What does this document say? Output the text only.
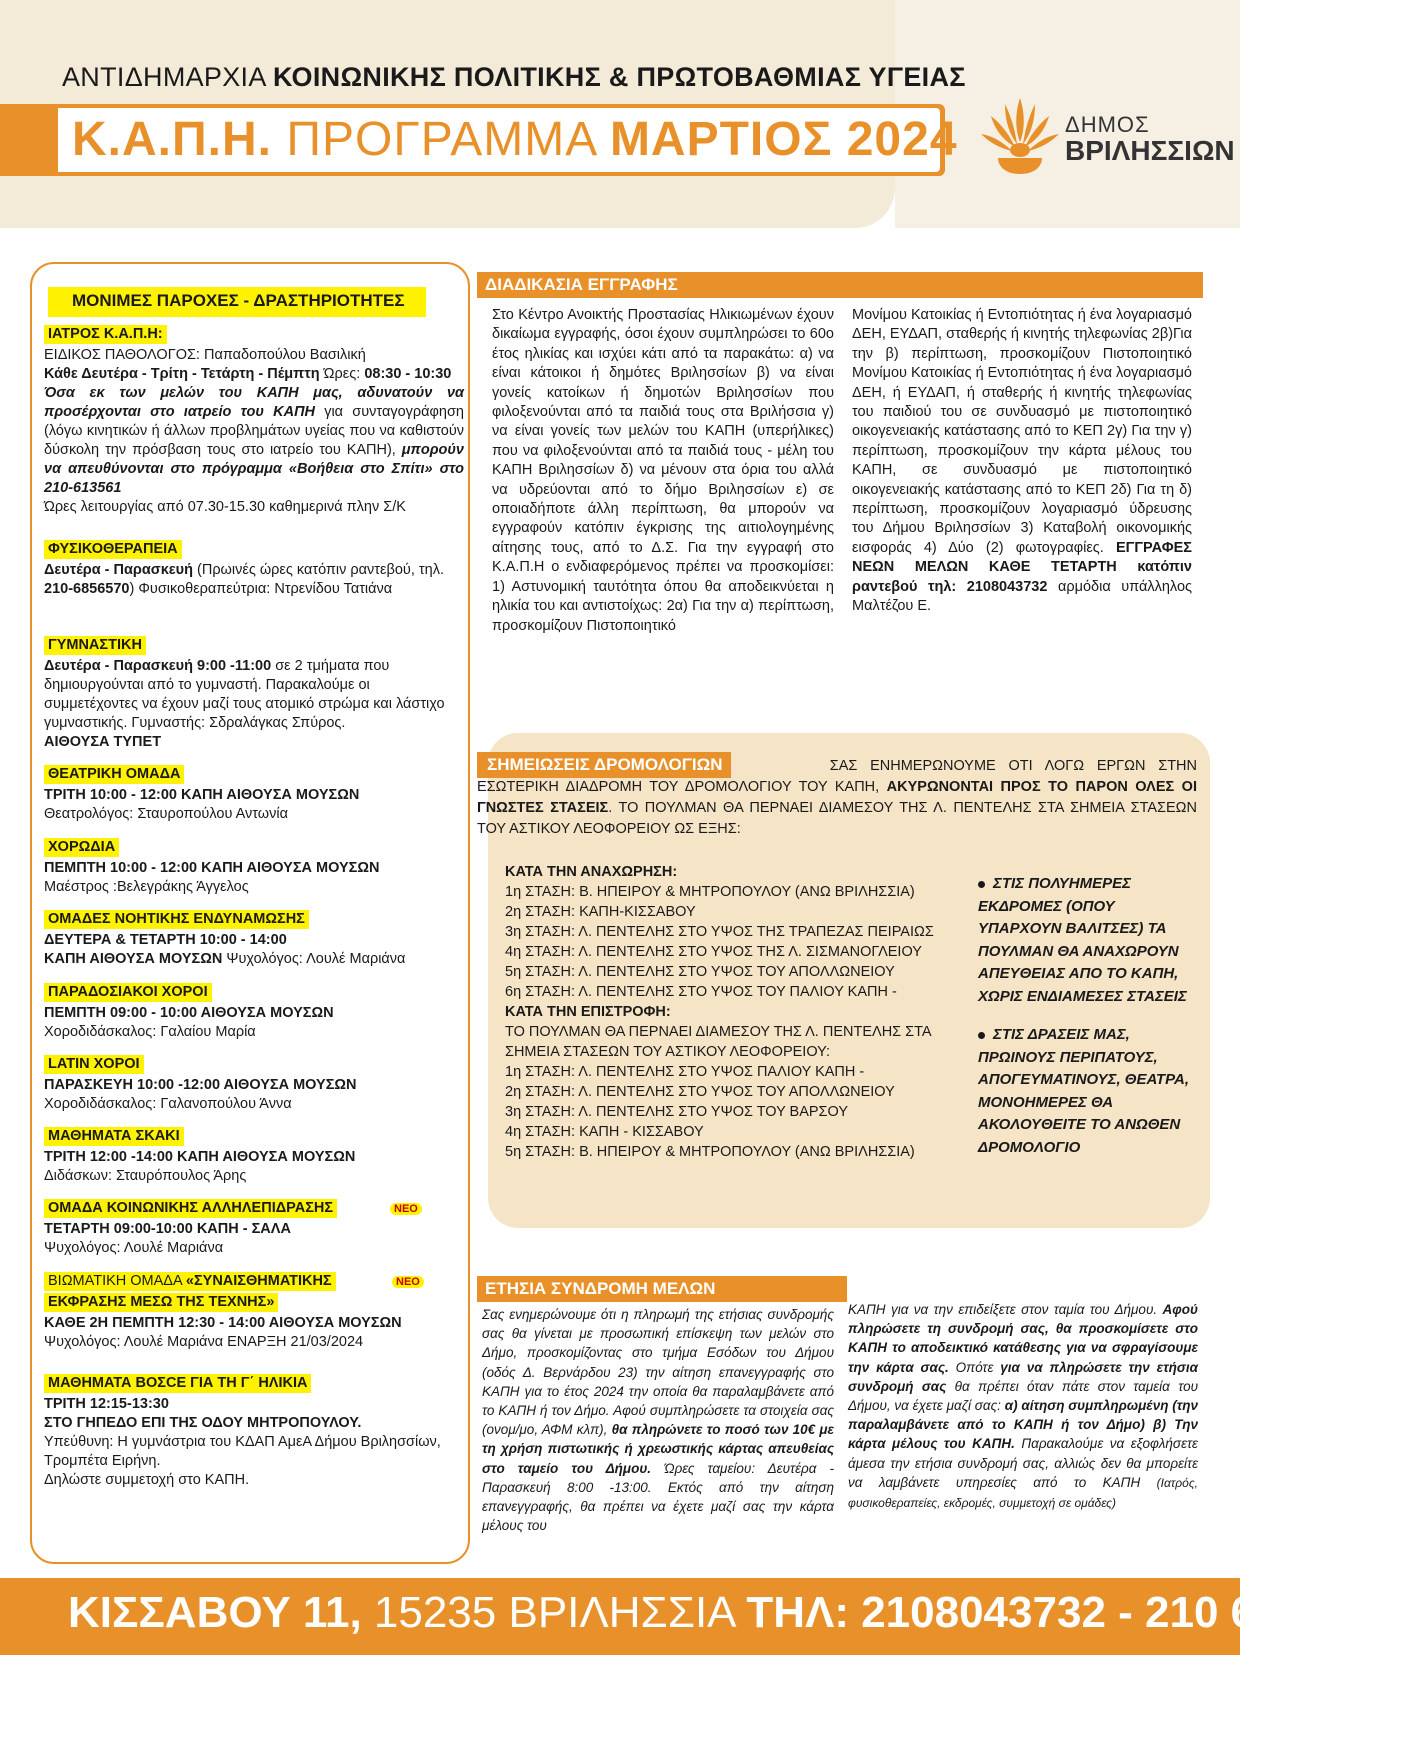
ΑΝΤΙΔΗΜΑΡΧΙΑ ΚΟΙΝΩΝΙΚΗΣ ΠΟΛΙΤΙΚΗΣ & ΠΡΩΤΟΒΑΘΜΙΑΣ ΥΓΕΙΑΣ
Κ.Α.Π.Η. ΠΡΟΓΡΑΜΜΑ ΜΑΡΤΙΟΣ 2024	ΔΗΜΟΣ
ΒΡΙΛΗΣΣΙΩΝ
ΜΟΝΙΜΕΣ ΠΑΡΟΧΕΣ - ΔΡΑΣΤΗΡΙΟΤΗΤΕΣ
ΙΑΤΡΟΣ Κ.Α.Π.Η:

ΕΙΔΙΚΟΣ ΠΑΘΟΛΟΓΟΣ: Παπαδοπούλου Βασιλική

Κάθε Δευτέρα - Τρίτη - Τετάρτη - Πέμπτη Ώρες: 08:30 - 10:30

Όσα εκ των μελών του ΚΑΠΗ μας, αδυνατούν να προσέρχονται στο ιατρείο του ΚΑΠΗ για συνταγογράφηση (λόγω κινητικών ή άλλων προβλημάτων υγείας που να καθιστούν δύσκολη την πρόσβαση τους στο ιατρείο του ΚΑΠΗ), μπορούν να απευθύνονται στο πρόγραμμα «Βοήθεια στο Σπίτι» στο 210-613561

Ώρες λειτουργίας από 07.30-15.30 καθημερινά πλην Σ/Κ

ΦΥΣΙΚΟΘΕΡΑΠΕΙΑ

Δευτέρα - Παρασκευή (Πρωινές ώρες κατόπιν ραντεβού, τηλ. 210-6856570) Φυσικοθεραπεύτρια: Ντρενίδου Τατιάνα

ΓΥΜΝΑΣΤΙΚΗ

Δευτέρα - Παρασκευή 9:00 -11:00 σε 2 τμήματα που δημιουργούνται από το γυμναστή. Παρακαλούμε οι συμμετέχοντες να έχουν μαζί τους ατομικό στρώμα και λάστιχο γυμναστικής. Γυμναστής: Σδραλάγκας Σπύρος.

ΑΙΘΟΥΣΑ ΤΥΠΕΤ

ΘΕΑΤΡΙΚΗ ΟΜΑΔΑ

ΤΡΙΤΗ 10:00 - 12:00 ΚΑΠΗ ΑΙΘΟΥΣΑ ΜΟΥΣΩΝ

Θεατρολόγος: Σταυροπούλου Αντωνία

ΧΟΡΩΔΙΑ

ΠΕΜΠΤΗ 10:00 - 12:00 ΚΑΠΗ ΑΙΘΟΥΣΑ ΜΟΥΣΩΝ

Μαέστρος :Βελεγράκης Άγγελος

ΟΜΑΔΕΣ ΝΟΗΤΙΚΗΣ ΕΝΔΥΝΑΜΩΣΗΣ

ΔΕΥΤΕΡΑ & ΤΕΤΑΡΤΗ 10:00 - 14:00

ΚΑΠΗ ΑΙΘΟΥΣΑ ΜΟΥΣΩΝ Ψυχολόγος: Λουλέ Μαριάνα

ΠΑΡΑΔΟΣΙΑΚΟΙ ΧΟΡΟΙ

ΠΕΜΠΤΗ 09:00 - 10:00 ΑΙΘΟΥΣΑ ΜΟΥΣΩΝ

Χοροδιδάσκαλος: Γαλαίου Μαρία

LATIN ΧΟΡΟΙ

ΠΑΡΑΣΚΕΥΗ 10:00 -12:00 ΑΙΘΟΥΣΑ ΜΟΥΣΩΝ

Χοροδιδάσκαλος: Γαλανοπούλου Άννα

ΜΑΘΗΜΑΤΑ ΣΚΑΚΙ

ΤΡΙΤΗ 12:00 -14:00 ΚΑΠΗ ΑΙΘΟΥΣΑ ΜΟΥΣΩΝ

Διδάσκων: Σταυρόπουλος Άρης

ΟΜΑΔΑ ΚΟΙΝΩΝΙΚΗΣ ΑΛΛΗΛΕΠΙΔΡΑΣΗΣ

ΤΕΤΑΡΤΗ 09:00-10:00 ΚΑΠΗ - ΣΑΛΑ

Ψυχολόγος: Λουλέ Μαριάνα

ΝΕΟ
ΒΙΩΜΑΤΙΚΗ ΟΜΑΔΑ «ΣΥΝΑΙΣΘΗΜΑΤΙΚΗΣ
ΕΚΦΡΑΣΗΣ ΜΕΣΩ ΤΗΣ ΤΕΧΝΗΣ»

ΚΑΘΕ 2Η ΠΕΜΠΤΗ 12:30 - 14:00 ΑΙΘΟΥΣΑ ΜΟΥΣΩΝ

Ψυχολόγος: Λουλέ Μαριάνα ΕΝΑΡΞΗ 21/03/2024

ΝΕΟ
ΜΑΘΗΜΑΤΑ ΒΟΣCΕ ΓΙΑ ΤΗ Γ΄ ΗΛΙΚΙΑ

ΤΡΙΤΗ 12:15-13:30

ΣΤΟ ΓΗΠΕΔΟ ΕΠΙ ΤΗΣ ΟΔΟΥ ΜΗΤΡΟΠΟΥΛΟΥ.

Υπεύθυνη: Η γυμνάστρια του ΚΔΑΠ ΑμεΑ Δήμου Βριλησσίων, Τρομπέτα Ειρήνη.

Δηλώστε συμμετοχή στο ΚΑΠΗ.

ΔΙΑΔΙΚΑΣΙΑ ΕΓΓΡΑΦΗΣ
Στο Κέντρο Ανοικτής Προστασίας Ηλικιωμένων έχουν δικαίωμα εγγραφής, όσοι έχουν συμπληρώσει το 60ο έτος ηλικίας και ισχύει κάτι από τα παρακάτω: α) να είναι κάτοικοι ή δημότες Βριλησσίων β) να είναι γονείς κατοίκων ή δημοτών Βριλησσίων που φιλοξενούνται από τα παιδιά τους στα Βριλήσσια γ) να είναι γονείς των μελών του ΚΑΠΗ (υπερήλικες) που να φιλοξενούνται από τα παιδιά τους - μέλη του ΚΑΠΗ Βριλησσίων δ) να μένουν στα όρια του αλλά να υδρεύονται από το δήμο Βριλησσίων ε) σε οποιαδήποτε άλλη περίπτωση, θα μπορούν να εγγραφούν κατόπιν έγκρισης της αιτιολογημένης αίτησης τους, από το Δ.Σ. Για την εγγραφή στο Κ.Α.Π.Η ο ενδιαφερόμενος πρέπει να προσκομίσει: 1) Αστυνομική ταυτότητα όπου θα αποδεικνύεται η ηλικία του και αντιστοίχως: 2α) Για την α) περίπτωση, προσκομίζουν Πιστοποιητικό
Μονίμου Κατοικίας ή Εντοπιότητας ή ένα λογαριασμό ΔΕΗ, ΕΥΔΑΠ, σταθερής ή κινητής τηλεφωνίας 2β)Για την β) περίπτωση, προσκομίζουν Πιστοποιητικό Μονίμου Κατοικίας ή Εντοπιότητας ή ένα λογαριασμό ΔΕΗ, ή ΕΥΔΑΠ, ή σταθερής ή κινητής τηλεφωνίας του παιδιού του σε συνδυασμό με πιστοποιητικό οικογενειακής κατάστασης από το ΚΕΠ 2γ) Για την γ) περίπτωση, προσκομίζουν την κάρτα μέλους του ΚΑΠΗ, σε συνδυασμό με πιστοποιητικό οικογενειακής κατάστασης από το ΚΕΠ 2δ) Για τη δ) περίπτωση, προσκομίζουν λογαριασμό ύδρευσης του Δήμου Βριλησσίων 3) Καταβολή οικονομικής εισφοράς 4) Δύο (2) φωτογραφίες. ΕΓΓΡΑΦΕΣ ΝΕΩΝ ΜΕΛΩΝ ΚΑΘΕ ΤΕΤΑΡΤΗ κατόπιν ραντεβού τηλ: 2108043732 αρμόδια υπάλληλος Μαλτέζου Ε.
ΣΑΣ ΕΝΗΜΕΡΩΝΟΥΜΕ ΟΤΙ ΛΟΓΩ ΕΡΓΩΝ ΣΤΗΝ ΕΣΩΤΕΡΙΚΗ ΔΙΑΔΡΟΜΗ ΤΟΥ ΔΡΟΜΟΛΟΓΙΟΥ ΤΟΥ ΚΑΠΗ, ΑΚΥΡΩΝΟΝΤΑΙ ΠΡΟΣ ΤΟ ΠΑΡΟΝ ΟΛΕΣ ΟΙ ΓΝΩΣΤΕΣ ΣΤΑΣΕΙΣ. ΤΟ ΠΟΥΛΜΑΝ ΘΑ ΠΕΡΝΑΕΙ ΔΙΑΜΕΣΟΥ ΤΗΣ Λ. ΠΕΝΤΕΛΗΣ ΣΤΑ ΣΗΜΕΙΑ ΣΤΑΣΕΩΝ ΤΟΥ ΑΣΤΙΚΟΥ ΛΕΟΦΟΡΕΙΟΥ ΩΣ ΕΞΗΣ:
ΣΗΜΕΙΩΣΕΙΣ ΔΡΟΜΟΛΟΓΙΩΝ

ΚΑΤΑ ΤΗΝ ΑΝΑΧΩΡΗΣΗ:

1η ΣΤΑΣΗ: Β. ΗΠΕΙΡΟΥ & ΜΗΤΡΟΠΟΥΛΟΥ (ΑΝΩ ΒΡΙΛΗΣΣΙΑ)

2η ΣΤΑΣΗ: ΚΑΠΗ-ΚΙΣΣΑΒΟΥ

3η ΣΤΑΣΗ: Λ. ΠΕΝΤΕΛΗΣ ΣΤΟ ΥΨΟΣ ΤΗΣ ΤΡΑΠΕΖΑΣ ΠΕΙΡΑΙΩΣ

4η ΣΤΑΣΗ: Λ. ΠΕΝΤΕΛΗΣ ΣΤΟ ΥΨΟΣ ΤΗΣ Λ. ΣΙΣΜΑΝΟΓΛΕΙΟΥ

5η ΣΤΑΣΗ: Λ. ΠΕΝΤΕΛΗΣ ΣΤΟ ΥΨΟΣ ΤΟΥ ΑΠΟΛΛΩΝΕΙΟΥ

6η ΣΤΑΣΗ: Λ. ΠΕΝΤΕΛΗΣ ΣΤΟ ΥΨΟΣ ΤΟΥ ΠΑΛΙΟΥ ΚΑΠΗ -

ΚΑΤΑ ΤΗΝ ΕΠΙΣΤΡΟΦΗ:

ΤΟ ΠΟΥΛΜΑΝ ΘΑ ΠΕΡΝΑΕΙ ΔΙΑΜΕΣΟΥ ΤΗΣ Λ. ΠΕΝΤΕΛΗΣ ΣΤΑ ΣΗΜΕΙΑ ΣΤΑΣΕΩΝ ΤΟΥ ΑΣΤΙΚΟΥ ΛΕΟΦΟΡΕΙΟΥ:

1η ΣΤΑΣΗ: Λ. ΠΕΝΤΕΛΗΣ ΣΤΟ ΥΨΟΣ ΠΑΛΙΟΥ ΚΑΠΗ -

2η ΣΤΑΣΗ: Λ. ΠΕΝΤΕΛΗΣ ΣΤΟ ΥΨΟΣ ΤΟΥ ΑΠΟΛΛΩΝΕΙΟΥ

3η ΣΤΑΣΗ: Λ. ΠΕΝΤΕΛΗΣ ΣΤΟ ΥΨΟΣ ΤΟΥ ΒΑΡΣΟΥ

4η ΣΤΑΣΗ: ΚΑΠΗ - ΚΙΣΣΑΒΟΥ

5η ΣΤΑΣΗ: Β. ΗΠΕΙΡΟΥ & ΜΗΤΡΟΠΟΥΛΟΥ (ΑΝΩ ΒΡΙΛΗΣΣΙΑ)

ΣΤΙΣ ΠΟΛΥΗΜΕΡΕΣ ΕΚΔΡΟΜΕΣ (ΟΠΟΥ ΥΠΑΡΧΟΥΝ ΒΑΛΙΤΣΕΣ) ΤΑ ΠΟΥΛΜΑΝ ΘΑ ΑΝΑΧΩΡΟΥΝ ΑΠΕΥΘΕΙΑΣ ΑΠΟ ΤΟ ΚΑΠΗ, ΧΩΡΙΣ ΕΝΔΙΑΜΕΣΕΣ ΣΤΑΣΕΙΣ

ΣΤΙΣ ΔΡΑΣΕΙΣ ΜΑΣ, ΠΡΩΙΝΟΥΣ ΠΕΡΙΠΑΤΟΥΣ, ΑΠΟΓΕΥΜΑΤΙΝΟΥΣ, ΘΕΑΤΡΑ, ΜΟΝΟΗΜΕΡΕΣ ΘΑ ΑΚΟΛΟΥΘΕΙΤΕ ΤΟ ΑΝΩΘΕΝ ΔΡΟΜΟΛΟΓΙΟ

ΕΤΗΣΙΑ ΣΥΝΔΡΟΜΗ ΜΕΛΩΝ
Σας ενημερώνουμε ότι η πληρωμή της ετήσιας συνδρομής σας θα γίνεται με προσωπική επίσκεψη των μελών στο Δήμο, προσκομίζοντας στο τμήμα Εσόδων του Δήμου (οδός Δ. Βερνάρδου 23) την αίτηση επανεγγραφής στο ΚΑΠΗ για το έτος 2024 την οποία θα παραλαμβάνετε από το ΚΑΠΗ ή τον Δήμο. Αφού συμπληρώσετε τα στοιχεία σας (ονομ/μο, ΑΦΜ κλπ), θα πληρώνετε το ποσό των 10€ με τη χρήση πιστωτικής ή χρεωστικής κάρτας απευθείας στο ταμείο του Δήμου. Ώρες ταμείου: Δευτέρα - Παρασκευή 8:00 -13:00. Εκτός από την αίτηση επανεγγραφής, θα πρέπει να έχετε μαζί σας την κάρτα μέλους του
ΚΑΠΗ για να την επιδείξετε στον ταμία του Δήμου. Αφού πληρώσετε τη συνδρομή σας, θα προσκομίσετε στο ΚΑΠΗ το αποδεικτικό κατάθεσης για να σφραγίσουμε την κάρτα σας. Οπότε για να πληρώσετε την ετήσια συνδρομή σας θα πρέπει όταν πάτε στον ταμεία του Δήμου, να έχετε μαζί σας: α) αίτηση συμπληρωμένη (την παραλαμβάνετε από το ΚΑΠΗ ή τον Δήμο) β) Την κάρτα μέλους του ΚΑΠΗ. Παρακαλούμε να εξοφλήσετε άμεσα την ετήσια συνδρομή σας, αλλιώς δεν θα μπορείτε να λαμβάνετε υπηρεσίες από το ΚΑΠΗ (Ιατρός, φυσικοθεραπείες, εκδρομές, συμμετοχή σε ομάδες)
ΚΙΣΣΑΒΟΥ 11, 15235 ΒΡΙΛΗΣΣΙΑ ΤΗΛ: 2108043732 - 210 6856570
